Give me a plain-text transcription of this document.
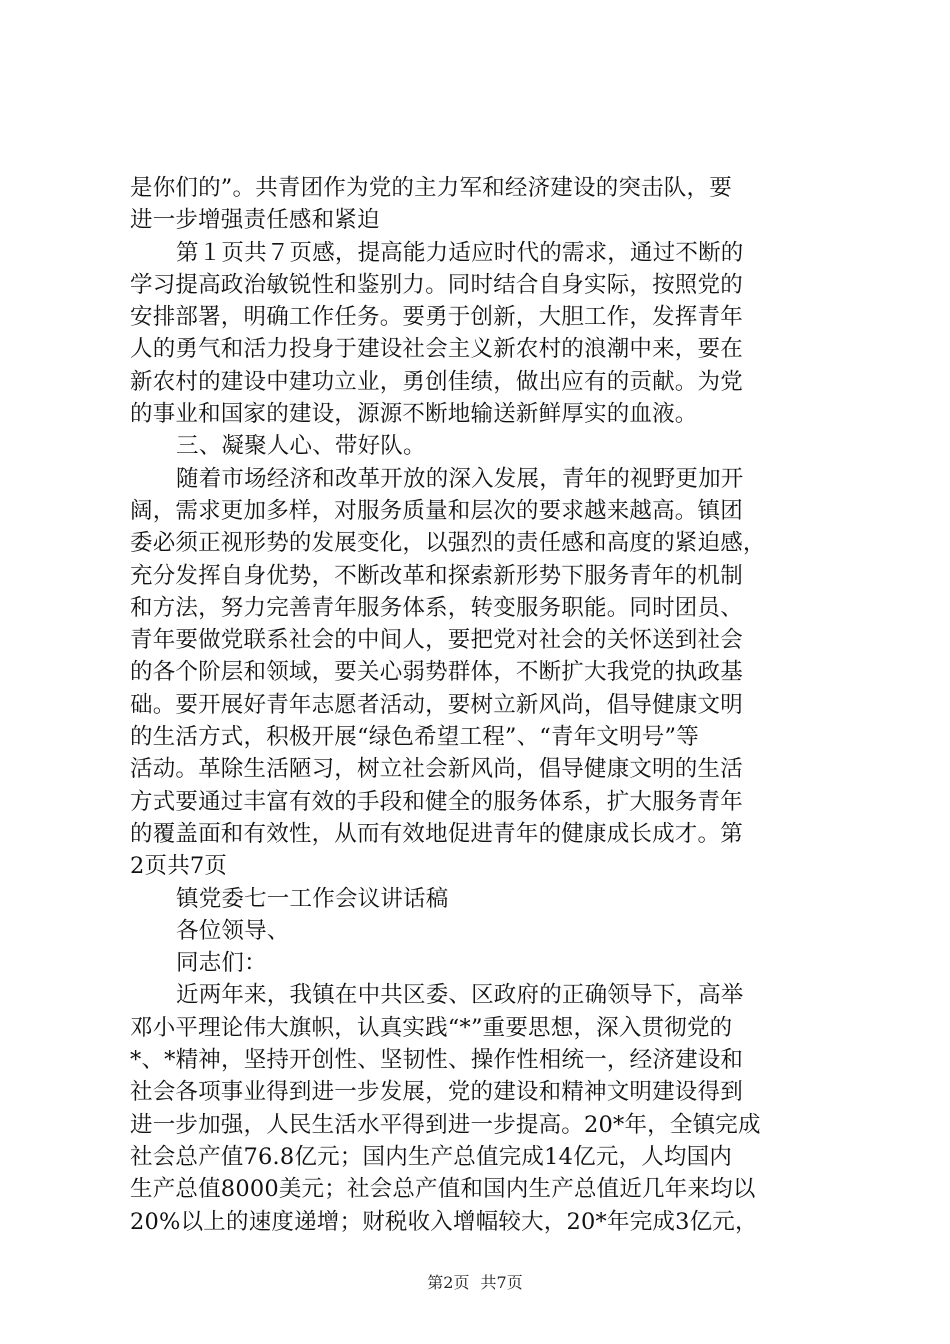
是你们的”。共青团作为党的主力军和经济建设的突击队，要
进一步增强责任感和紧迫
第１页共７页感，提高能力适应时代的需求，通过不断的
学习提高政治敏锐性和鉴别力。同时结合自身实际，按照党的
安排部署，明确工作任务。要勇于创新，大胆工作，发挥青年
人的勇气和活力投身于建设社会主义新农村的浪潮中来，要在
新农村的建设中建功立业，勇创佳绩，做出应有的贡献。为党
的事业和国家的建设，源源不断地输送新鲜厚实的血液。
三、凝聚人心、带好队。
随着市场经济和改革开放的深入发展，青年的视野更加开
阔，需求更加多样，对服务质量和层次的要求越来越高。镇团
委必须正视形势的发展变化，以强烈的责任感和高度的紧迫感，
充分发挥自身优势，不断改革和探索新形势下服务青年的机制
和方法，努力完善青年服务体系，转变服务职能。同时团员、
青年要做党联系社会的中间人，要把党对社会的关怀送到社会
的各个阶层和领域，要关心弱势群体，不断扩大我党的执政基
础。要开展好青年志愿者活动，要树立新风尚，倡导健康文明
的生活方式，积极开展“绿色希望工程”、“青年文明号”等
活动。革除生活陋习，树立社会新风尚，倡导健康文明的生活
方式要通过丰富有效的手段和健全的服务体系，扩大服务青年
的覆盖面和有效性，从而有效地促进青年的健康成长成才。第
2页共7页
镇党委七一工作会议讲话稿
各位领导、
同志们：
近两年来，我镇在中共区委、区政府的正确领导下，高举
邓小平理论伟大旗帜，认真实践“*”重要思想，深入贯彻党的
*、*精神，坚持开创性、坚韧性、操作性相统一，经济建设和
社会各项事业得到进一步发展，党的建设和精神文明建设得到
进一步加强，人民生活水平得到进一步提高。20*年，全镇完成
社会总产值76.8亿元；国内生产总值完成14亿元，人均国内
生产总值8000美元；社会总产值和国内生产总值近几年来均以
20%以上的速度递增；财税收入增幅较大，20*年完成3亿元，
第2页 共7页
